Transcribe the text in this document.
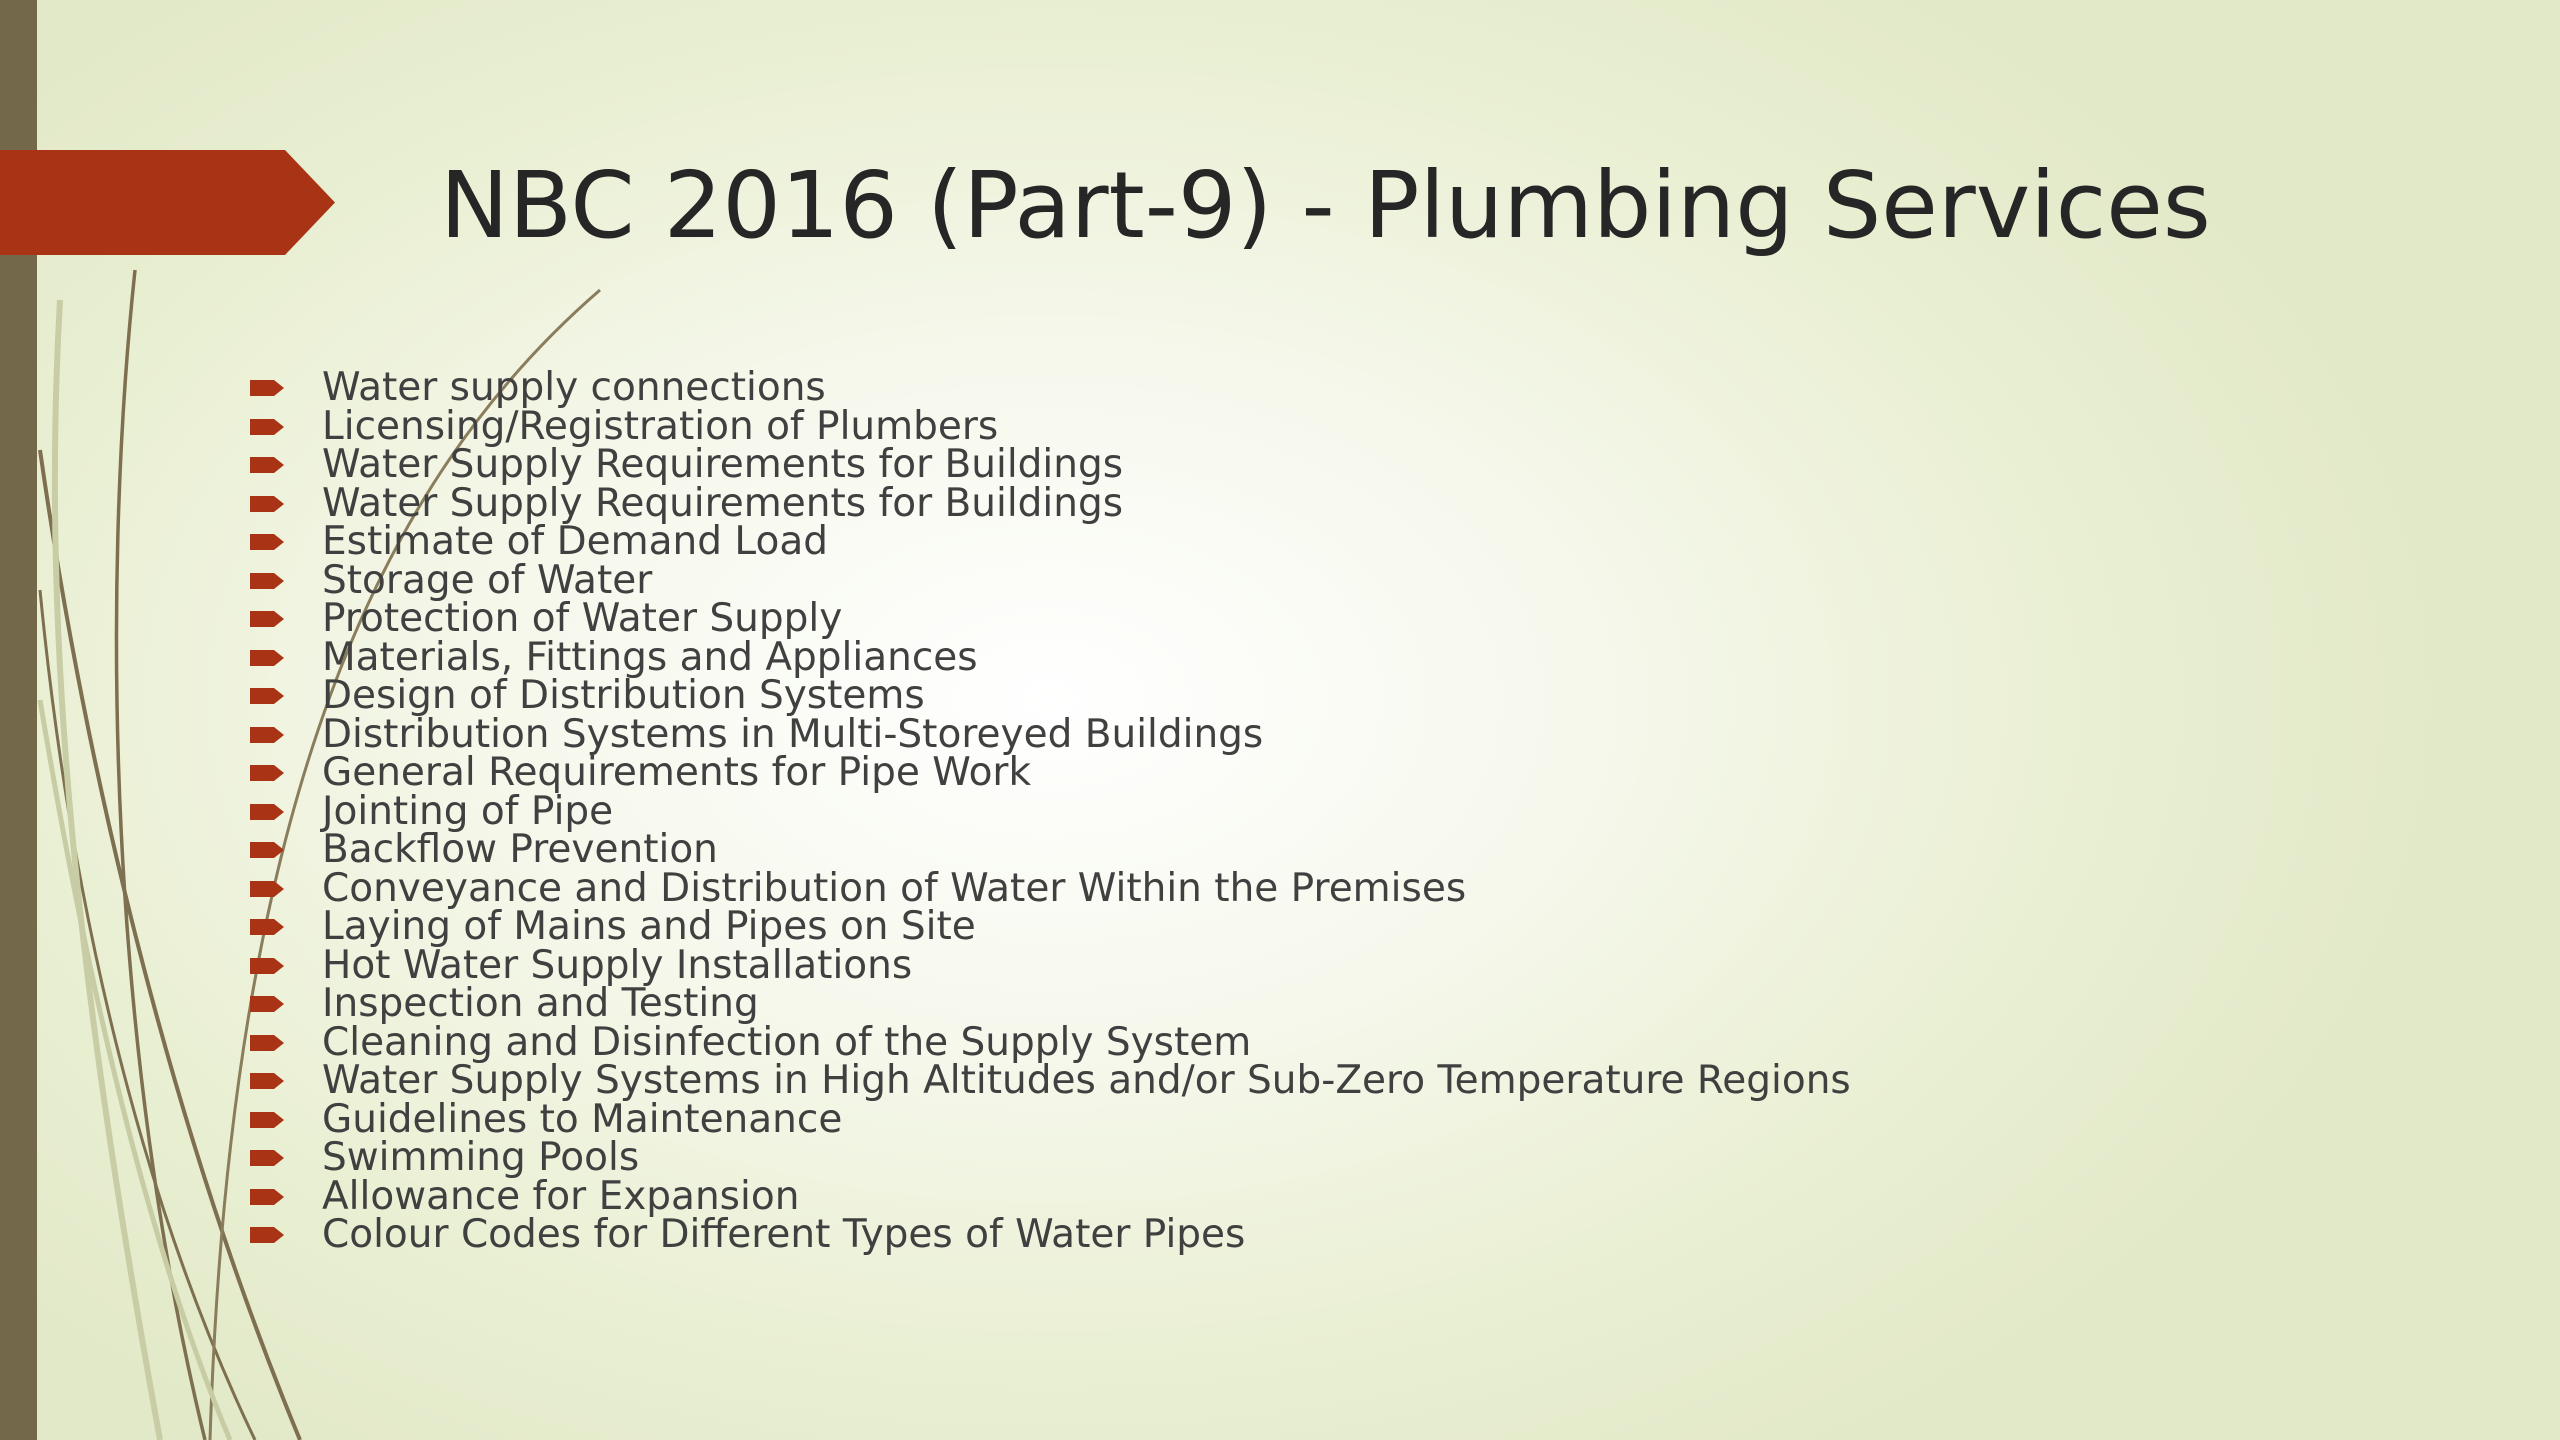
NBC 2016 (Part-9) - Plumbing Services
Water supply connections
Licensing/Registration of Plumbers
Water Supply Requirements for Buildings
Water Supply Requirements for Buildings
Estimate of Demand Load
Storage of Water
Protection of Water Supply
Materials, Fittings and Appliances
Design of Distribution Systems
Distribution Systems in Multi-Storeyed Buildings
General Requirements for Pipe Work
Jointing of Pipe
Backflow Prevention
Conveyance and Distribution of Water Within the Premises
Laying of Mains and Pipes on Site
Hot Water Supply Installations
Inspection and Testing
Cleaning and Disinfection of the Supply System
Water Supply Systems in High Altitudes and/or Sub-Zero Temperature Regions
Guidelines to Maintenance
Swimming Pools
Allowance for Expansion
Colour Codes for Different Types of Water Pipes
